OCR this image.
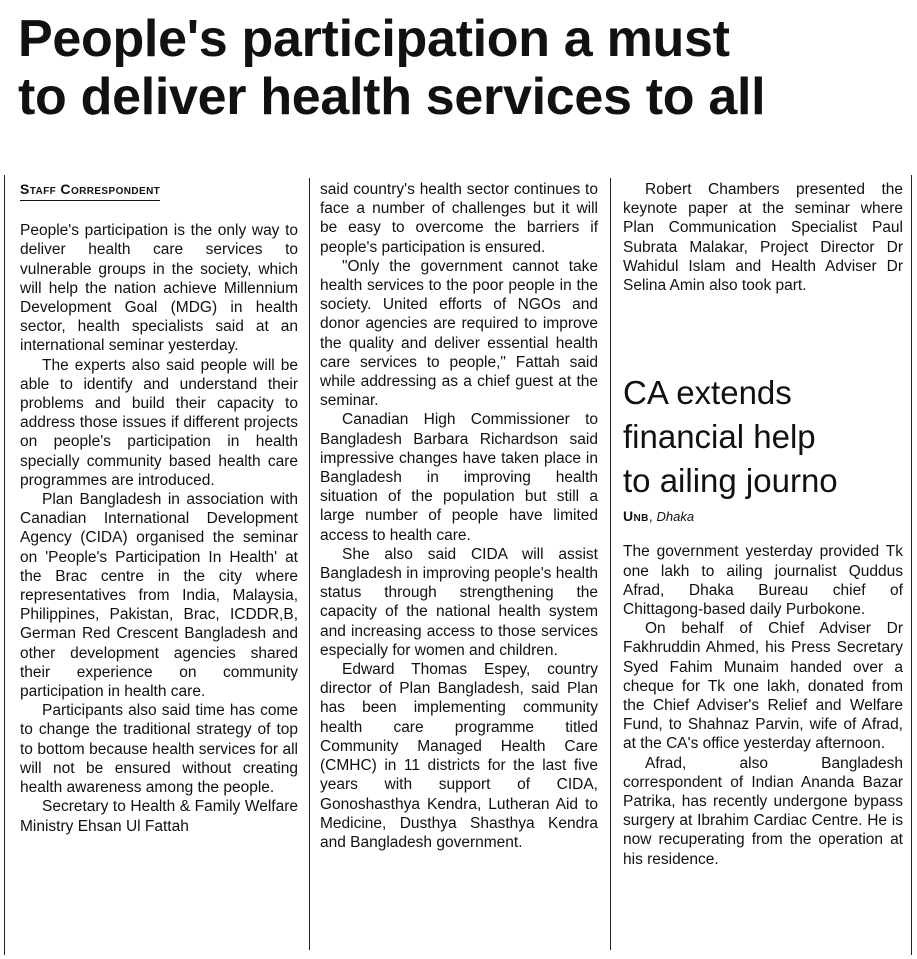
People's participation a must
to deliver health services to all
Staff Correspondent

People's participation is the only way to deliver health care services to vulnerable groups in the society, which will help the nation achieve Millennium Development Goal (MDG) in health sector, health specialists said at an international seminar yesterday.

The experts also said people will be able to identify and understand their problems and build their capacity to address those issues if different projects on people's participation in health specially community based health care programmes are introduced.

Plan Bangladesh in association with Canadian International Development Agency (CIDA) organised the seminar on 'People's Participation In Health' at the Brac centre in the city where representatives from India, Malaysia, Philippines, Pakistan, Brac, ICDDR,B, German Red Crescent Bangladesh and other development agencies shared their experience on community participation in health care.

Participants also said time has come to change the traditional strategy of top to bottom because health services for all will not be ensured without creating health awareness among the people.

Secretary to Health & Family Welfare Ministry Ehsan Ul Fattah

said country's health sector continues to face a number of challenges but it will be easy to overcome the barriers if people's participation is ensured.

"Only the government cannot take health services to the poor people in the society. United efforts of NGOs and donor agencies are required to improve the quality and deliver essential health care services to people," Fattah said while addressing as a chief guest at the seminar.

Canadian High Commissioner to Bangladesh Barbara Richardson said impressive changes have taken place in Bangladesh in improving health situation of the population but still a large number of people have limited access to health care.

She also said CIDA will assist Bangladesh in improving people's health status through strengthening the capacity of the national health system and increasing access to those services especially for women and children.

Edward Thomas Espey, country director of Plan Bangladesh, said Plan has been implementing community health care programme titled Community Managed Health Care (CMHC) in 11 districts for the last five years with support of CIDA, Gonoshasthya Kendra, Lutheran Aid to Medicine, Dusthya Shasthya Kendra and Bangladesh government.

Robert Chambers presented the keynote paper at the seminar where Plan Communication Specialist Paul Subrata Malakar, Project Director Dr Wahidul Islam and Health Adviser Dr Selina Amin also took part.

CA extends
financial help
to ailing journo
Unb, Dhaka

The government yesterday provided Tk one lakh to ailing journalist Quddus Afrad, Dhaka Bureau chief of Chittagong-based daily Purbokone.

On behalf of Chief Adviser Dr Fakhruddin Ahmed, his Press Secretary Syed Fahim Munaim handed over a cheque for Tk one lakh, donated from the Chief Adviser's Relief and Welfare Fund, to Shahnaz Parvin, wife of Afrad, at the CA's office yesterday afternoon.

Afrad, also Bangladesh correspondent of Indian Ananda Bazar Patrika, has recently undergone bypass surgery at Ibrahim Cardiac Centre. He is now recuperating from the operation at his residence.
